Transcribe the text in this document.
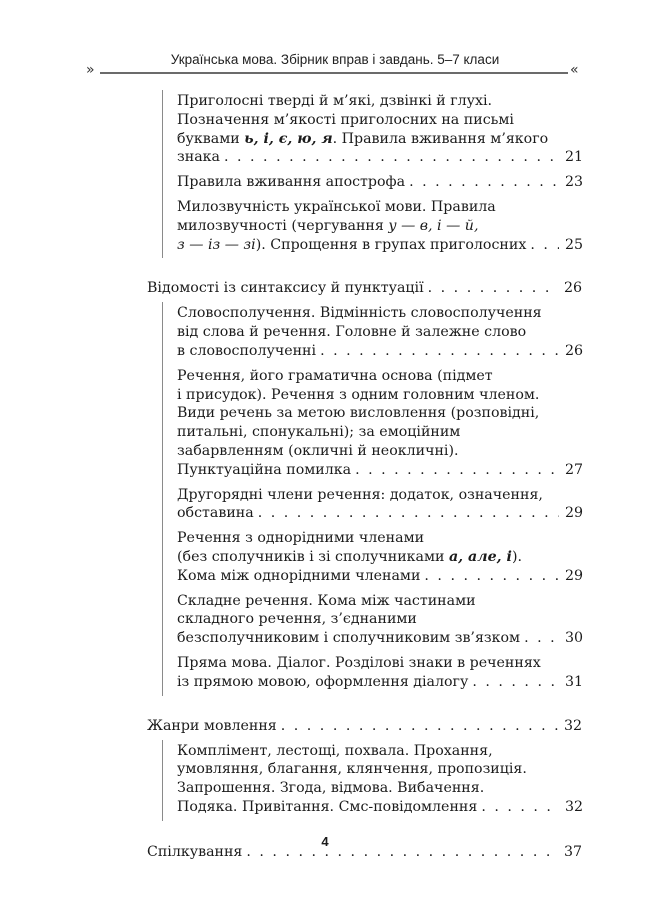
»
Українська мова. Збірник вправ і завдань. 5–7 класи
«
Приголосні тверді й м’які, дзвінкі й глухі.
Позначення м’якості приголосних на письмі
буквами ь, і, є, ю, я. Правила вживання м’якого
знака . . .	21
Правила вживання апострофа . . .	23
Милозвучність української мови. Правила
милозвучності (чергування у — в, і — й,
з — із — зі). Спрощення в групах приголосних . . .	25
Відомості із синтаксису й пунктуації . . .	26
Словосполучення. Відмінність словосполучення
від слова й речення. Головне й залежне слово
в словосполученні . . .	26
Речення, його граматична основа (підмет
і присудок). Речення з одним головним членом.
Види речень за метою висловлення (розповідні,
питальні, спонукальні); за емоційним
забарвленням (окличні й неокличні).
Пунктуаційна помилка . . .	27
Другорядні члени речення: додаток, означення,
обставина . . .	29
Речення з однорідними членами
(без сполучників і зі сполучниками а, але, і).
Кома між однорідними членами . . .	29
Складне речення. Кома між частинами
складного речення, з’єднаними
безсполучниковим і сполучниковим зв’язком . . .	30
Пряма мова. Діалог. Розділові знаки в реченнях
із прямою мовою, оформлення діалогу . . .	31
Жанри мовлення . . .	32
Комплімент, лестощі, похвала. Прохання,
умовляння, благання, клянчення, пропозиція.
Запрошення. Згода, відмова. Вибачення.
Подяка. Привітання. Смс-повідомлення . . .	32
Спілкування . . .	37
4
